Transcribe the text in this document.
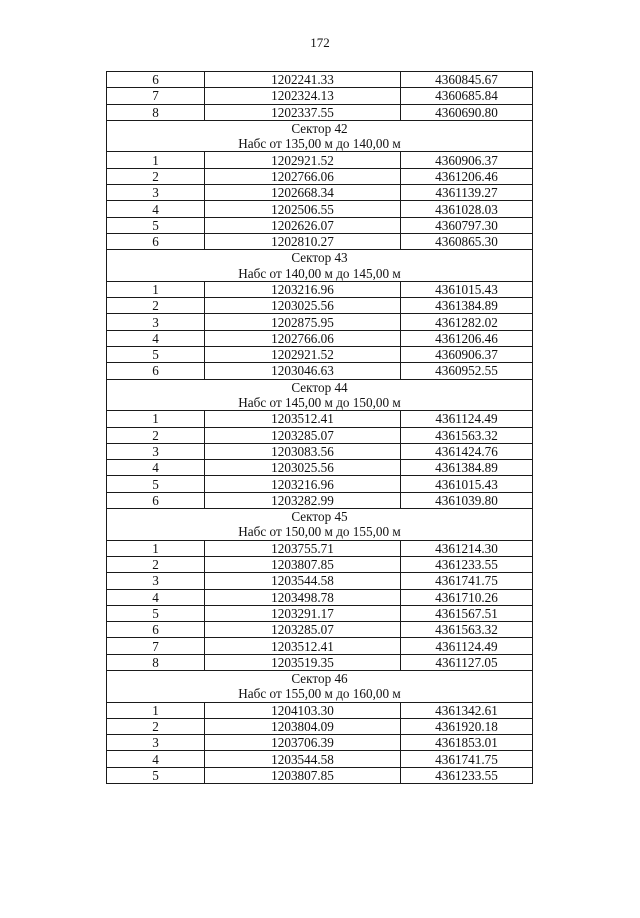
172
6	1202241.33	4360845.67
7	1202324.13	4360685.84
8	1202337.55	4360690.80
Сектор 42		
Набс от 135,00 м до 140,00 м		
1	1202921.52	4360906.37
2	1202766.06	4361206.46
3	1202668.34	4361139.27
4	1202506.55	4361028.03
5	1202626.07	4360797.30
6	1202810.27	4360865.30
Сектор 43		
Набс от 140,00 м до 145,00 м		
1	1203216.96	4361015.43
2	1203025.56	4361384.89
3	1202875.95	4361282.02
4	1202766.06	4361206.46
5	1202921.52	4360906.37
6	1203046.63	4360952.55
Сектор 44		
Набс от 145,00 м до 150,00 м		
1	1203512.41	4361124.49
2	1203285.07	4361563.32
3	1203083.56	4361424.76
4	1203025.56	4361384.89
5	1203216.96	4361015.43
6	1203282.99	4361039.80
Сектор 45		
Набс от 150,00 м до 155,00 м		
1	1203755.71	4361214.30
2	1203807.85	4361233.55
3	1203544.58	4361741.75
4	1203498.78	4361710.26
5	1203291.17	4361567.51
6	1203285.07	4361563.32
7	1203512.41	4361124.49
8	1203519.35	4361127.05
Сектор 46		
Набс от 155,00 м до 160,00 м		
1	1204103.30	4361342.61
2	1203804.09	4361920.18
3	1203706.39	4361853.01
4	1203544.58	4361741.75
5	1203807.85	4361233.55
